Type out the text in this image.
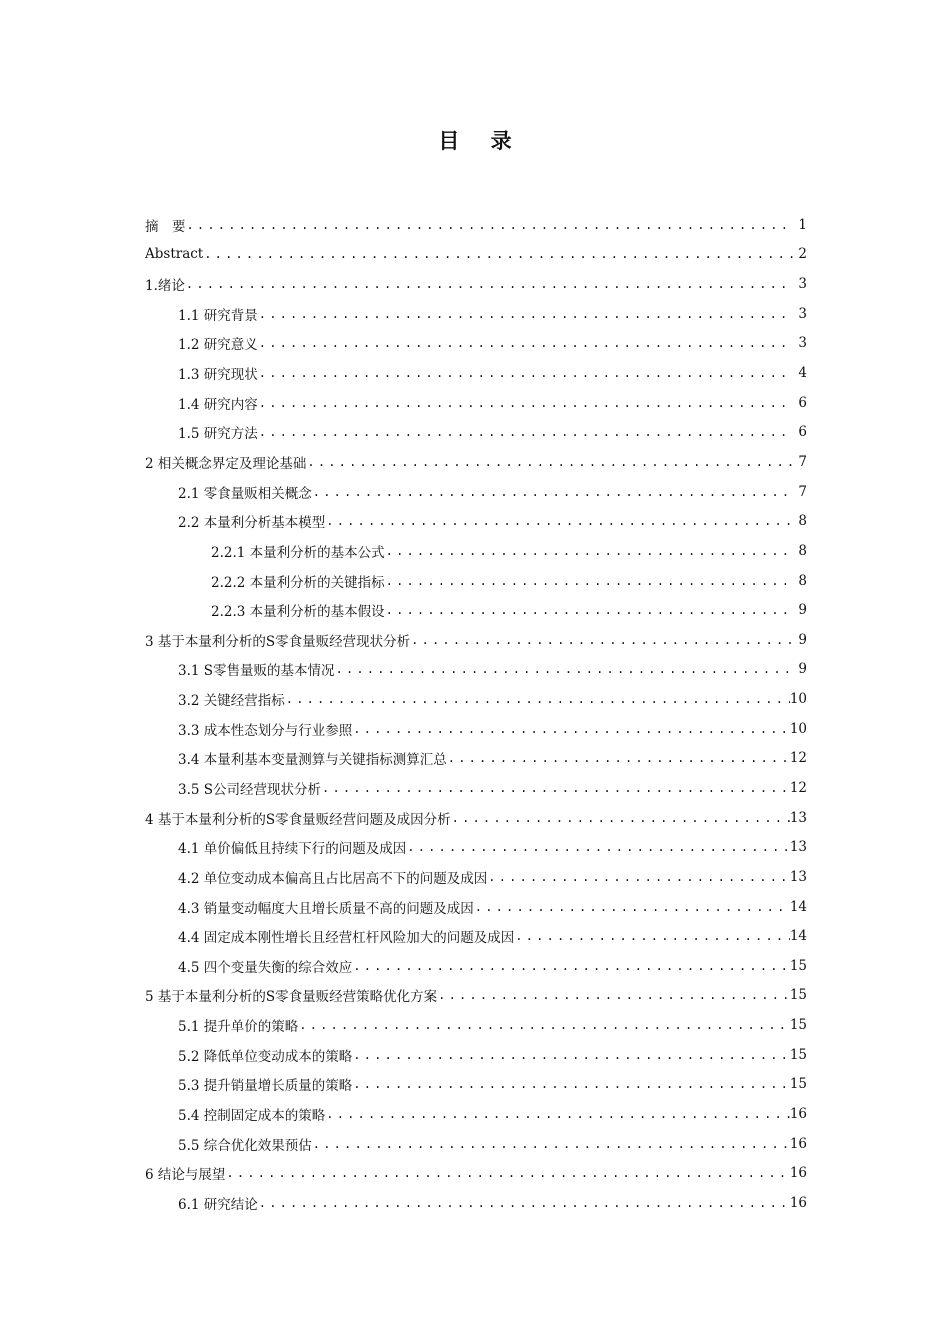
目 录
摘　要 .....	1
Abstract .....	2
1.绪论 .....	3
1.1 研究背景 .....	3
1.2 研究意义 .....	3
1.3 研究现状 .....	4
1.4 研究内容 .....	6
1.5 研究方法 .....	6
2 相关概念界定及理论基础 .....	7
2.1 零食量贩相关概念 .....	7
2.2 本量利分析基本模型 .....	8
2.2.1 本量利分析的基本公式 .....	8
2.2.2 本量利分析的关键指标 .....	8
2.2.3 本量利分析的基本假设 .....	9
3 基于本量利分析的S零食量贩经营现状分析 .....	9
3.1 S零售量贩的基本情况 .....	9
3.2 关键经营指标 .....	10
3.3 成本性态划分与行业参照 .....	10
3.4 本量利基本变量测算与关键指标测算汇总 .....	12
3.5 S公司经营现状分析 .....	12
4 基于本量利分析的S零食量贩经营问题及成因分析 .....	13
4.1 单价偏低且持续下行的问题及成因 .....	13
4.2 单位变动成本偏高且占比居高不下的问题及成因 .....	13
4.3 销量变动幅度大且增长质量不高的问题及成因 .....	14
4.4 固定成本刚性增长且经营杠杆风险加大的问题及成因 .....	14
4.5 四个变量失衡的综合效应 .....	15
5 基于本量利分析的S零食量贩经营策略优化方案 .....	15
5.1 提升单价的策略 .....	15
5.2 降低单位变动成本的策略 .....	15
5.3 提升销量增长质量的策略 .....	15
5.4 控制固定成本的策略 .....	16
5.5 综合优化效果预估 .....	16
6 结论与展望 .....	16
6.1 研究结论 .....	16
